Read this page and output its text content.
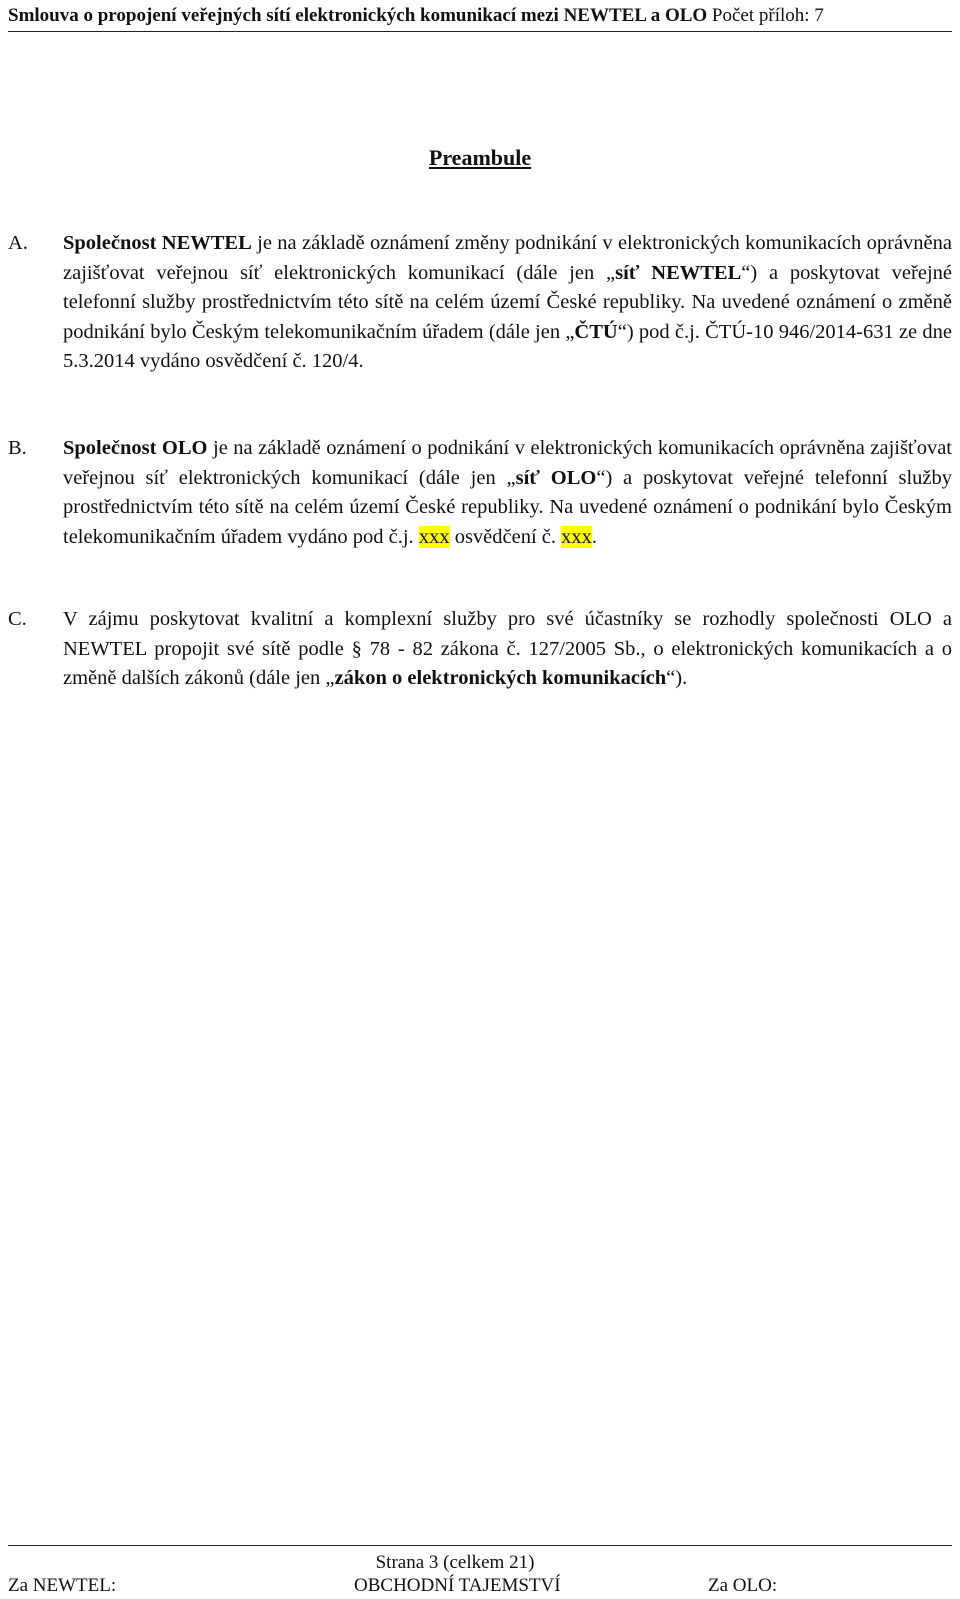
Smlouva o propojení veřejných sítí elektronických komunikací mezi NEWTEL a OLO Počet příloh: 7
Preambule
A. Společnost NEWTEL je na základě oznámení změny podnikání v elektronických komunikacích oprávněna zajišťovat veřejnou síť elektronických komunikací (dále jen „síť NEWTEL“) a poskytovat veřejné telefonní služby prostřednictvím této sítě na celém území České republiky. Na uvedené oznámení o změně podnikání bylo Českým telekomunikačním úřadem (dále jen „ČTÚ“) pod č.j. ČTÚ-10 946/2014-631 ze dne 5.3.2014 vydáno osvědčení č. 120/4.
B. Společnost OLO je na základě oznámení o podnikání v elektronických komunikacích oprávněna zajišťovat veřejnou síť elektronických komunikací (dále jen „síť OLO“) a poskytovat veřejné telefonní služby prostřednictvím této sítě na celém území České republiky. Na uvedené oznámení o podnikání bylo Českým telekomunikačním úřadem vydáno pod č.j. xxx osvědčení č. xxx.
C. V zájmu poskytovat kvalitní a komplexní služby pro své účastníky se rozhodly společnosti OLO a NEWTEL propojit své sítě podle § 78 - 82 zákona č. 127/2005 Sb., o elektronických komunikacích a o změně dalších zákonů (dále jen „zákon o elektronických komunikacích“).
Strana 3 (celkem 21)
Za NEWTEL:	OBCHODNÍ TAJEMSTVÍ	Za OLO:
